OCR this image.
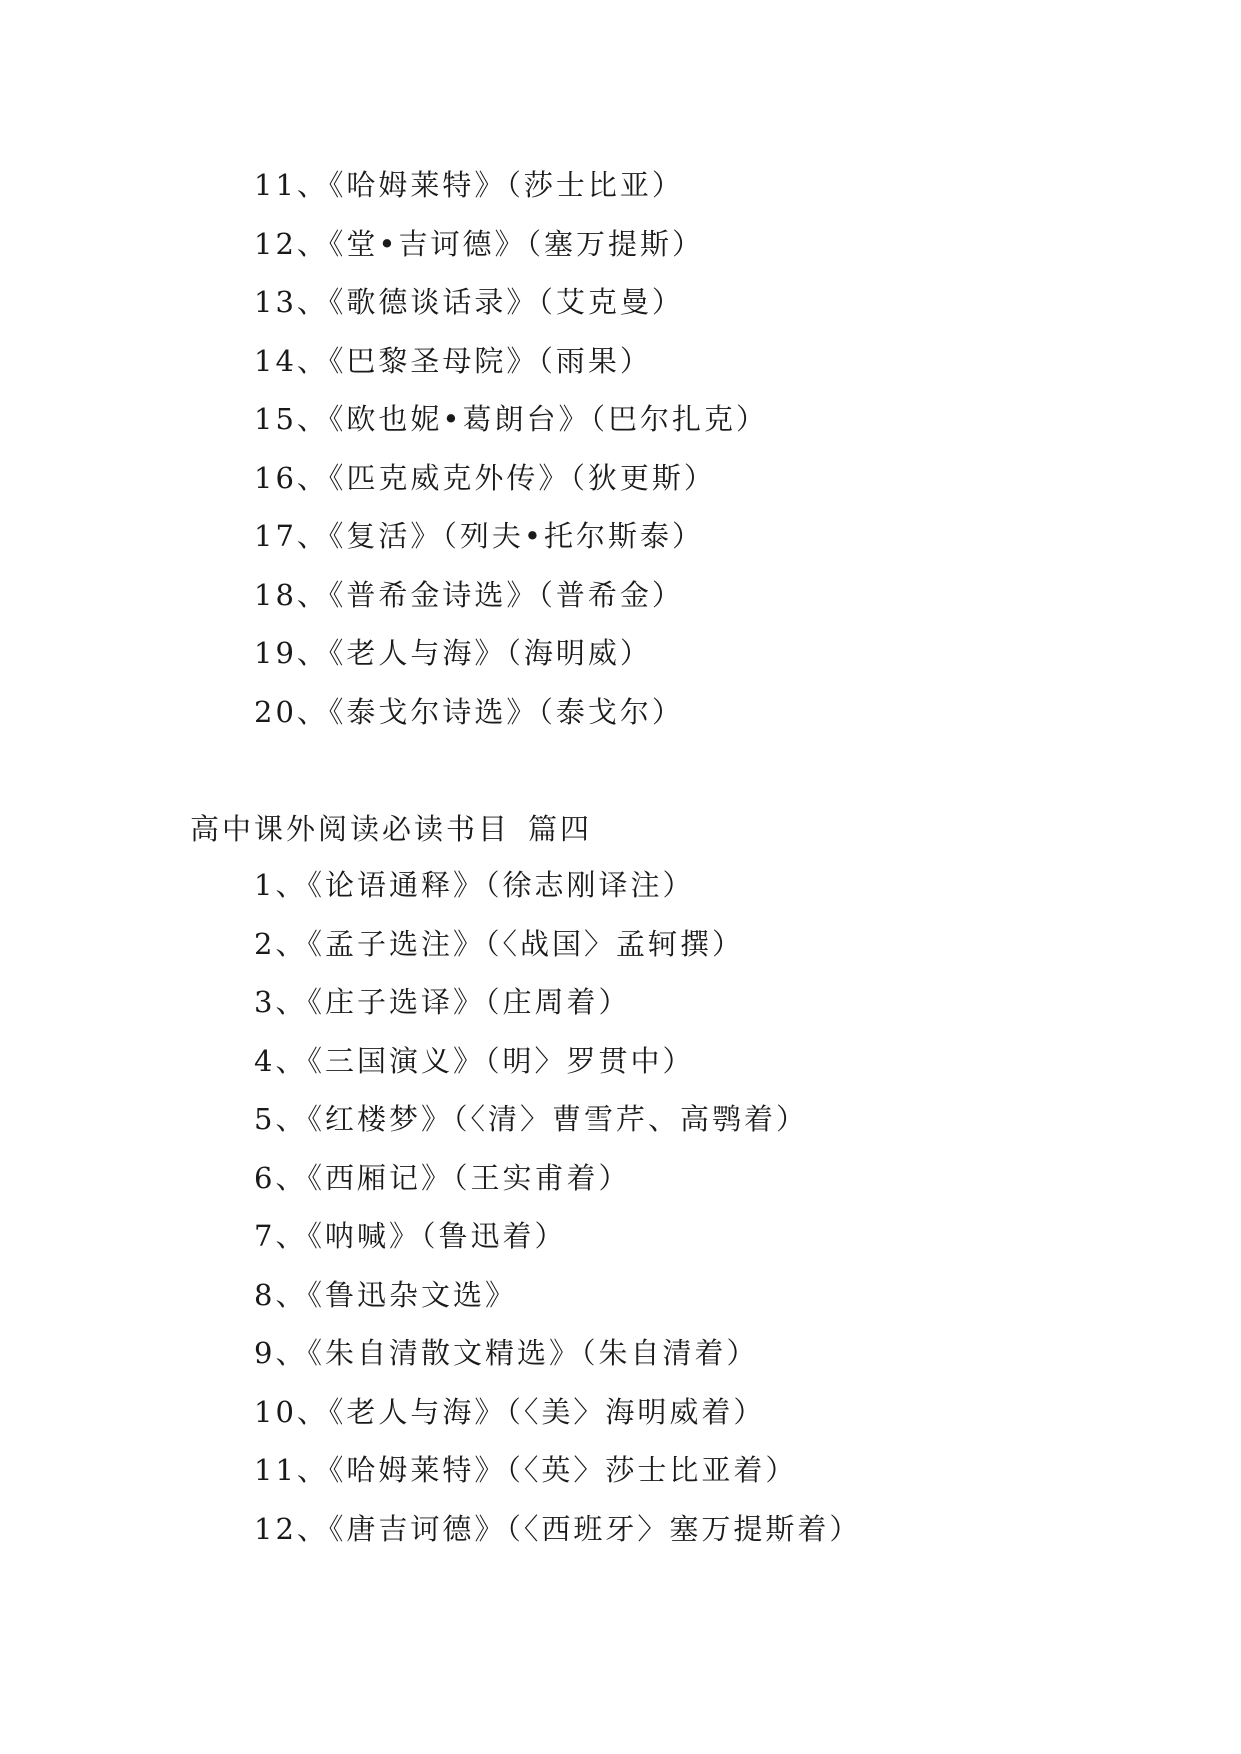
11、《哈姆莱特》（莎士比亚）
12、《堂•吉诃德》（塞万提斯）
13、《歌德谈话录》（艾克曼）
14、《巴黎圣母院》（雨果）
15、《欧也妮•葛朗台》（巴尔扎克）
16、《匹克威克外传》（狄更斯）
17、《复活》（列夫•托尔斯泰）
18、《普希金诗选》（普希金）
19、《老人与海》（海明威）
20、《泰戈尔诗选》（泰戈尔）
高中课外阅读必读书目 篇四
1、《论语通释》（徐志刚译注）
2、《孟子选注》（〈战国〉孟轲撰）
3、《庄子选译》（庄周着）
4、《三国演义》（明〉罗贯中）
5、《红楼梦》（〈清〉曹雪芹、高鹗着）
6、《西厢记》（王实甫着）
7、《呐喊》（鲁迅着）
8、《鲁迅杂文选》
9、《朱自清散文精选》（朱自清着）
10、《老人与海》（〈美〉海明威着）
11、《哈姆莱特》（〈英〉莎士比亚着）
12、《唐吉诃德》（〈西班牙〉塞万提斯着）
